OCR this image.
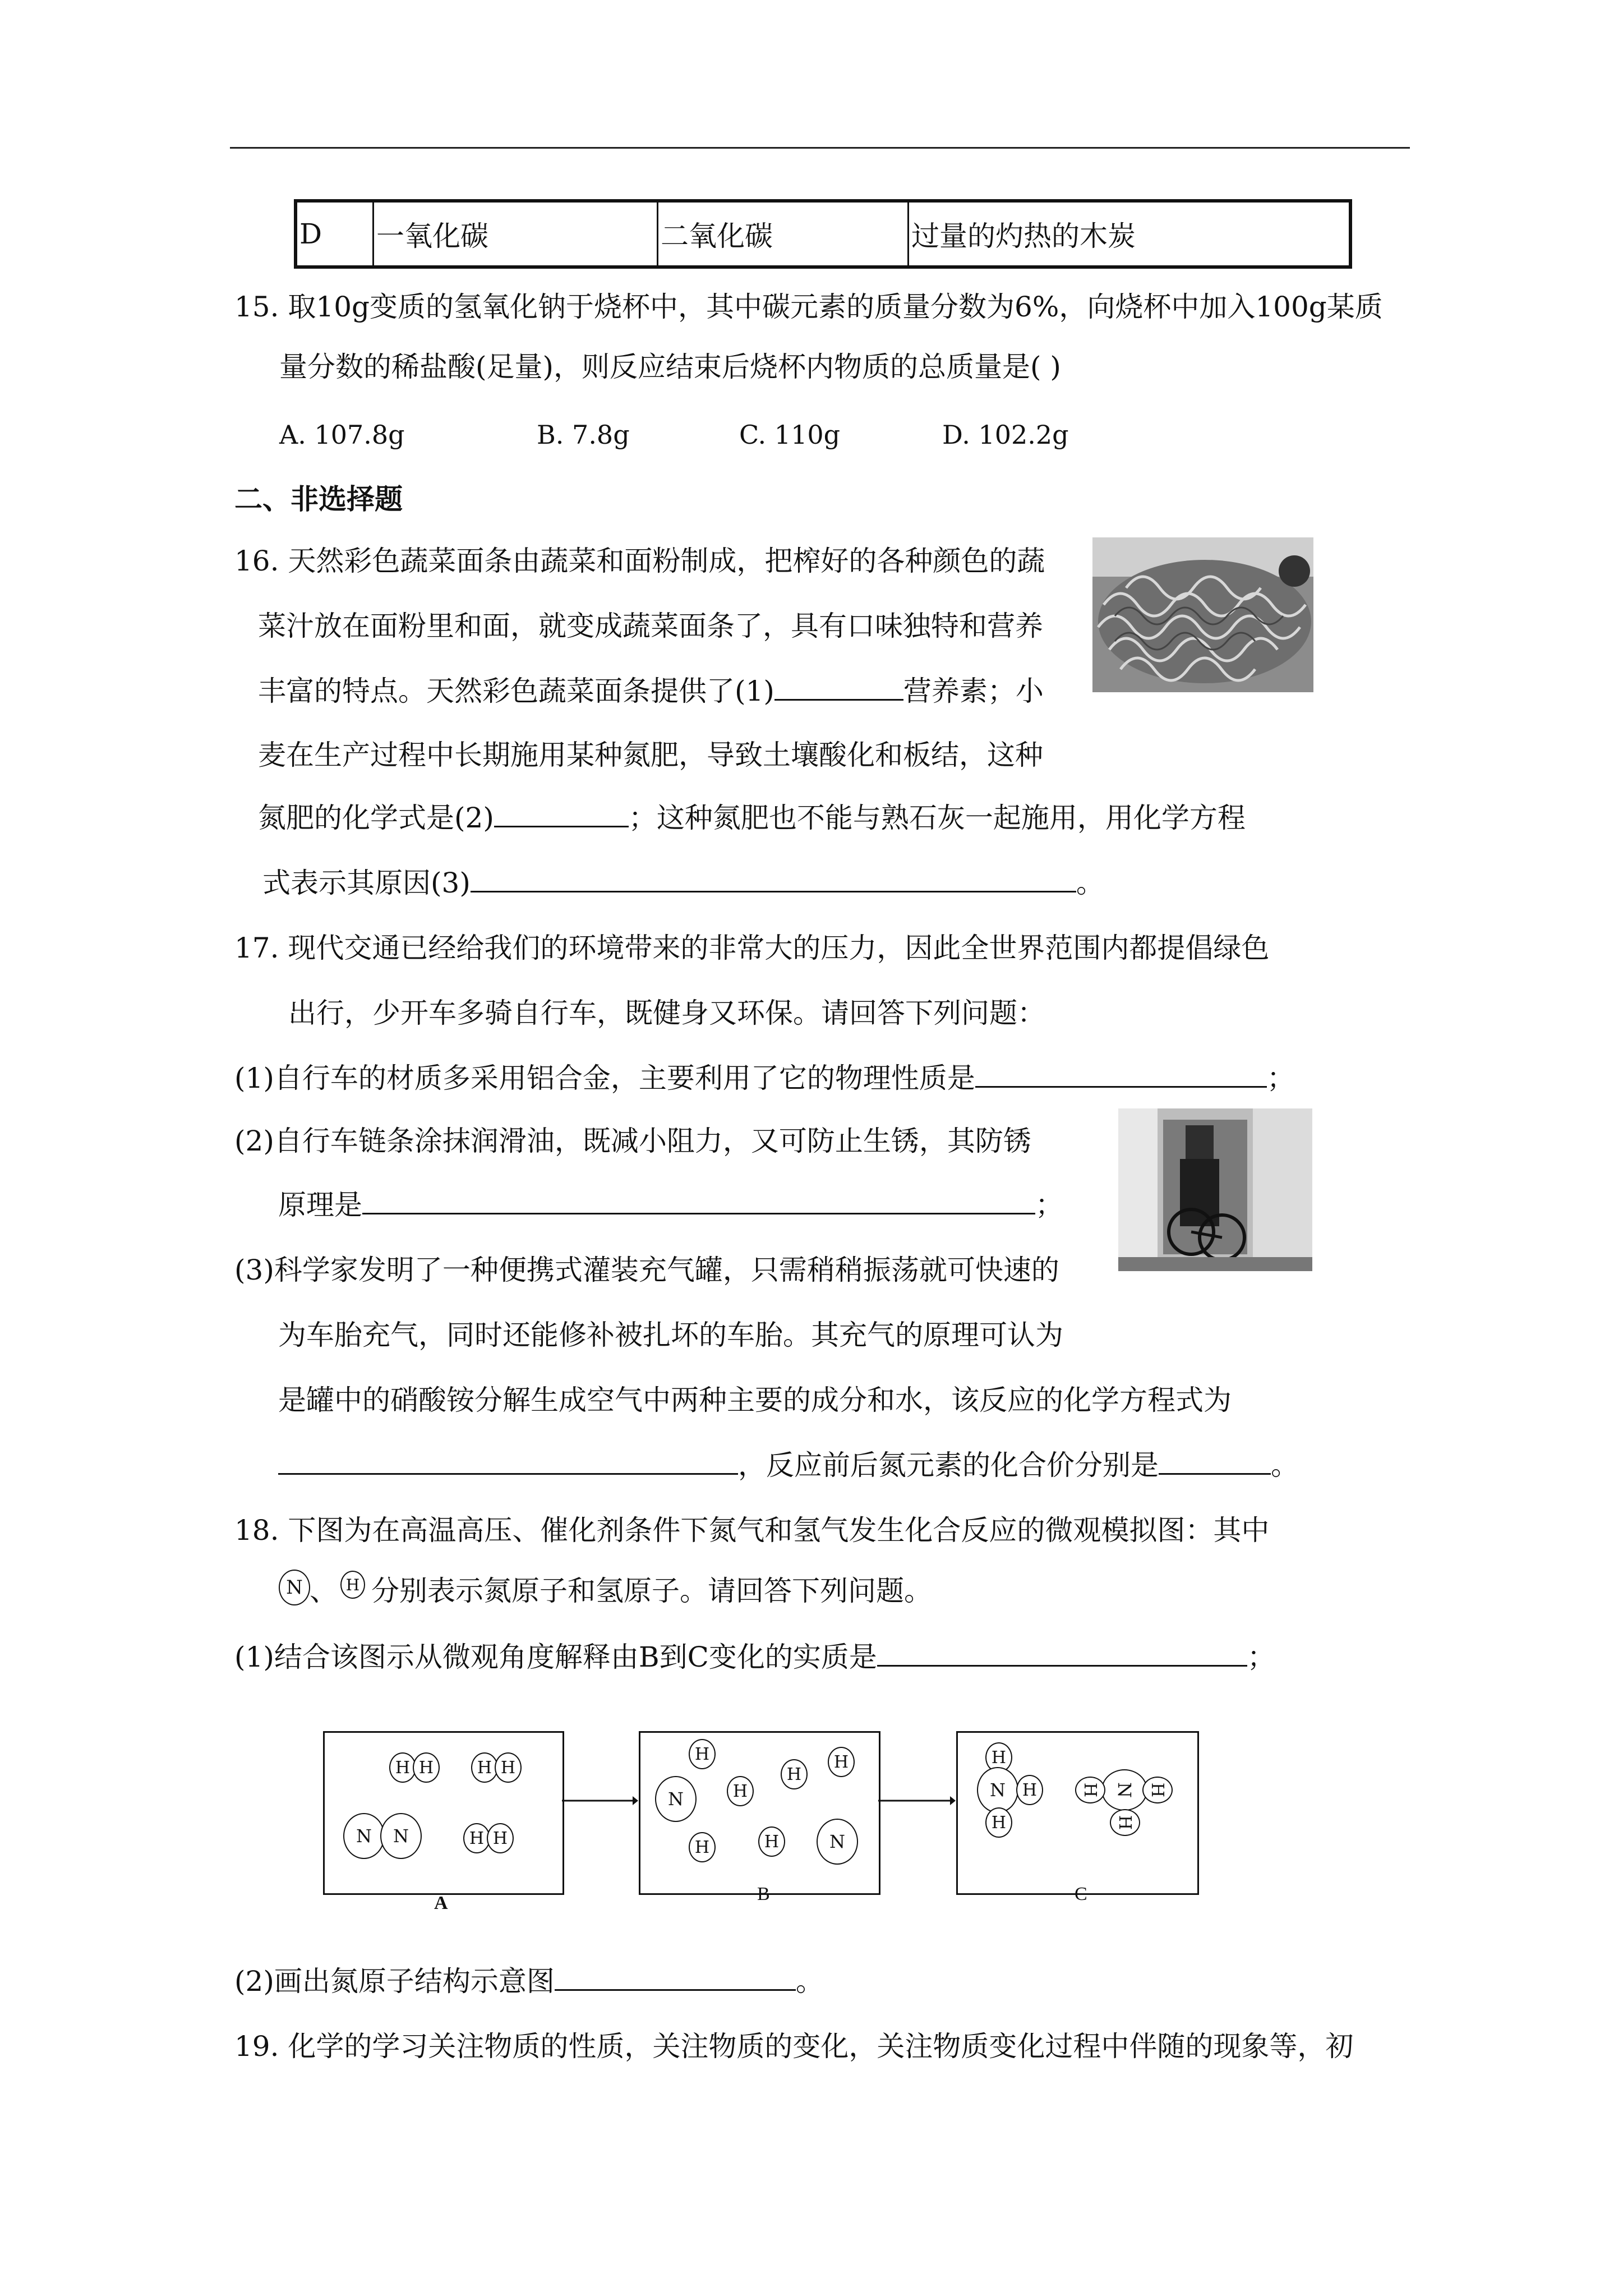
D	一氧化碳	二氧化碳	过量的灼热的木炭
15. 取10g变质的氢氧化钠于烧杯中，其中碳元素的质量分数为6%，向烧杯中加入100g某质
量分数的稀盐酸(足量)，则反应结束后烧杯内物质的总质量是( )
A. 107.8g	B. 7.8g	C. 110g	D. 102.2g
二、非选择题
16. 天然彩色蔬菜面条由蔬菜和面粉制成，把榨好的各种颜色的蔬
菜汁放在面粉里和面，就变成蔬菜面条了，具有口味独特和营养
丰富的特点。天然彩色蔬菜面条提供了(1)	营养素；小
麦在生产过程中长期施用某种氮肥，导致土壤酸化和板结，这种
氮肥的化学式是(2)	；这种氮肥也不能与熟石灰一起施用，用化学方程
式表示其原因(3)	。
17. 现代交通已经给我们的环境带来的非常大的压力，因此全世界范围内都提倡绿色
出行，少开车多骑自行车，既健身又环保。请回答下列问题：
(1)自行车的材质多采用铝合金，主要利用了它的物理性质是	；
(2)自行车链条涂抹润滑油，既减小阻力，又可防止生锈，其防锈
原理是	；
(3)科学家发明了一种便携式灌装充气罐，只需稍稍振荡就可快速的
为车胎充气，同时还能修补被扎坏的车胎。其充气的原理可认为
是罐中的硝酸铵分解生成空气中两种主要的成分和水，该反应的化学方程式为
，反应前后氮元素的化合价分别是	。
18. 下图为在高温高压、催化剂条件下氮气和氢气发生化合反应的微观模拟图：其中
N 、 H 分别表示氮原子和氢原子。请回答下列问题。
(1)结合该图示从微观角度解释由B到C变化的实质是	；
H H	H H
N N	H H
H	H
H
N	H
H	H	N
H
N H
H
N
H	H
H
A	B	C
(2)画出氮原子结构示意图	。
19. 化学的学习关注物质的性质，关注物质的变化，关注物质变化过程中伴随的现象等，初
